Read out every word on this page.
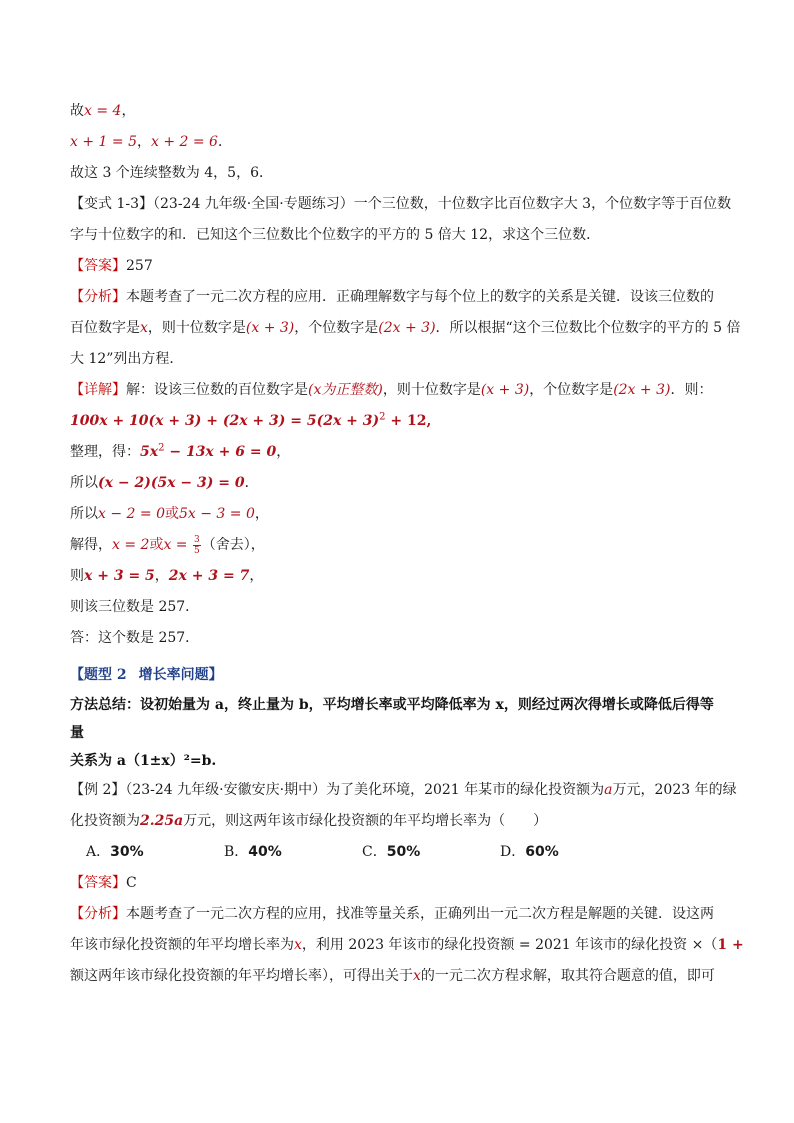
故x = 4，
x + 1 = 5，x + 2 = 6．
故这 3 个连续整数为 4，5，6．
【变式 1-3】（23-24 九年级·全国·专题练习）一个三位数，十位数字比百位数字大 3，个位数字等于百位数
字与十位数字的和．已知这个三位数比个位数字的平方的 5 倍大 12，求这个三位数．
【答案】257
【分析】本题考查了一元二次方程的应用．正确理解数字与每个位上的数字的关系是关键．设该三位数的
百位数字是x，则十位数字是(x + 3)，个位数字是(2x + 3)．所以根据“这个三位数比个位数字的平方的 5 倍
大 12”列出方程．
【详解】解：设该三位数的百位数字是(x为正整数)，则十位数字是(x + 3)，个位数字是(2x + 3)．则：
$100x + 10(x + 3) + (2x + 3) = 5(2x + 3)^2 + 12$,
整理，得：$5x^2 - 13x + 6 = 0$，
所以(x − 2)(5x − 3) = 0．
所以x − 2 = 0或5x − 3 = 0，
解得，x = 2或$x = \frac{3}{5}$ （舍去），
则x + 3 = 5，2x + 3 = 7，
则该三位数是 257．
答：这个数是 257．
【题型 2 增长率问题】
方法总结：设初始量为 a，终止量为 b，平均增长率或平均降低率为 x，则经过两次得增长或降低后得等量
关系为 a（1±x）²=b.
【例 2】（23-24 九年级·安徽安庆·期中）为了美化环境，2021 年某市的绿化投资额为a万元，2023 年的绿
化投资额为2.25a万元，则这两年该市绿化投资额的年平均增长率为（ ）
A．30%	B．40%	C．50%	D．60%
【答案】C
【分析】本题考查了一元二次方程的应用，找准等量关系，正确列出一元二次方程是解题的关键．设这两
年该市绿化投资额的年平均增长率为x，利用 2023 年该市的绿化投资额 = 2021 年该市的绿化投资 ×（1 +
额这两年该市绿化投资额的年平均增长率），可得出关于x的一元二次方程求解，取其符合题意的值，即可
